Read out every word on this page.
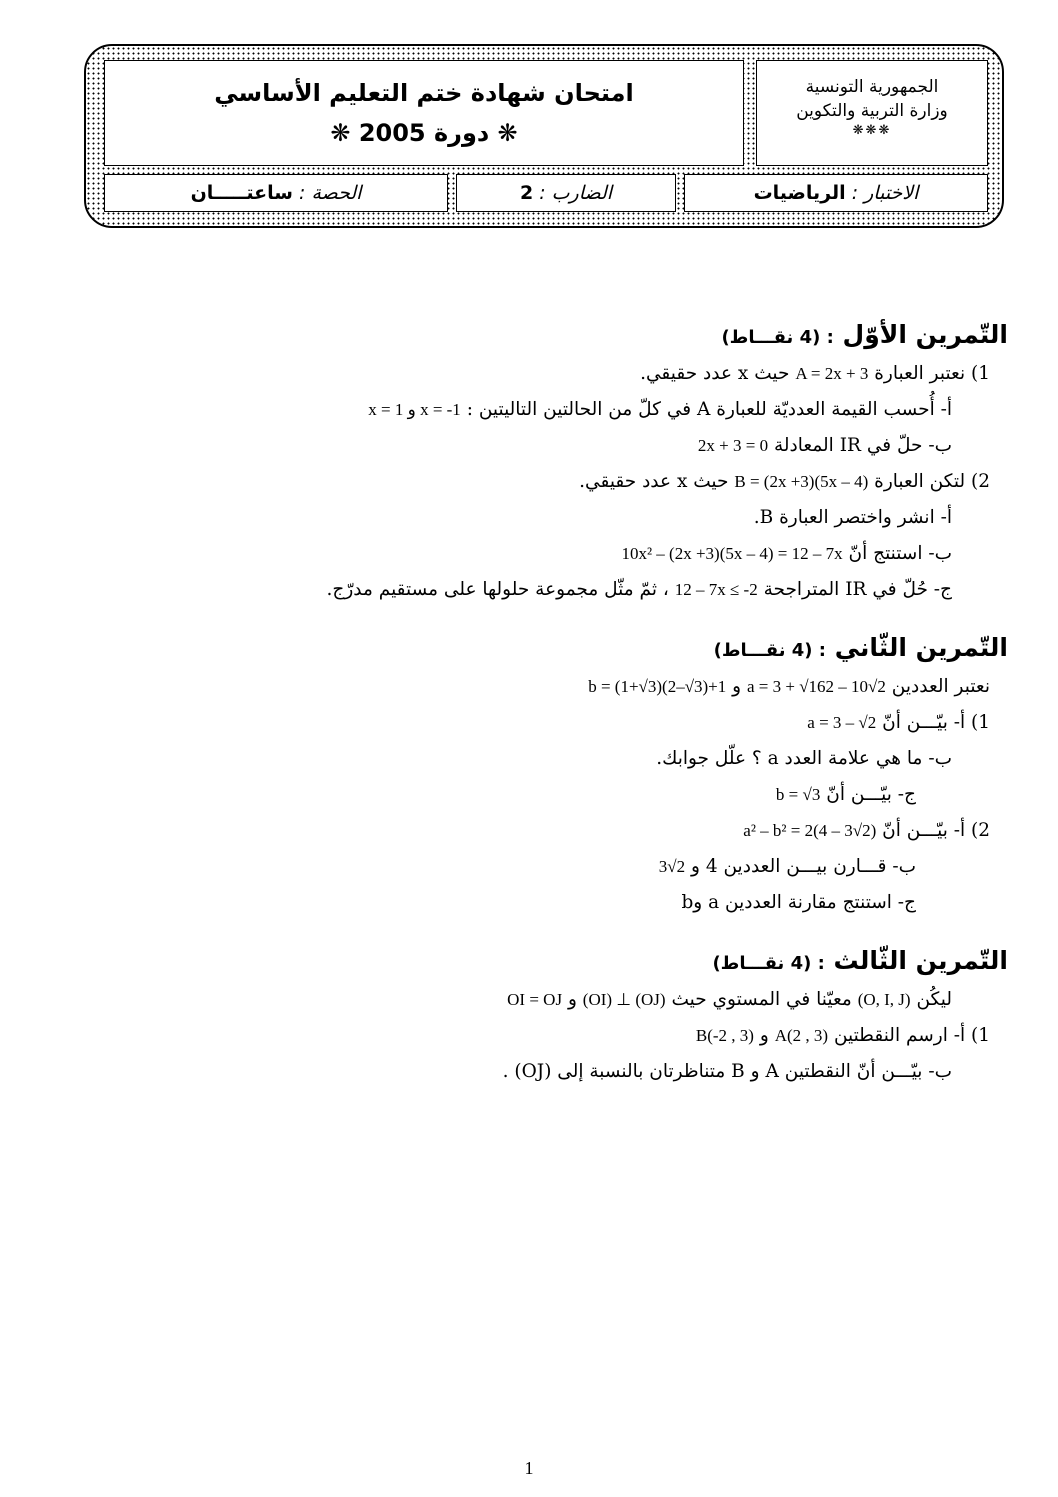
امتحان شهادة ختم التعليم الأساسي
❋ دورة 2005 ❋
الجمهورية التونسية
وزارة التربية والتكوين
❋❋❋
الاختبار : الرياضيات
الضارب : 2
الحصة : ساعتـــــان
التّمرين الأوّل : (4 نقـــاط)
1) نعتبر العبارة A = 2x + 3 حيث x عدد حقيقي.
أ- أُحسب القيمة العدديّة للعبارة A في كلّ من الحالتين التاليتين : x = 1 و x = -1
ب- حلّ في IR المعادلة 2x + 3 = 0
2) لتكن العبارة B = (2x +3)(5x – 4) حيث x عدد حقيقي.
أ- انشر واختصر العبارة B.
ب- استنتج أنّ 10x² – (2x +3)(5x – 4) = 12 – 7x
ج- حُلّ في IR المتراجحة 12 – 7x ≤ -2 ، ثمّ مثّل مجموعة حلولها على مستقيم مدرّج.
التّمرين الثّاني : (4 نقـــاط)
نعتبر العددين a = 3 + √162 – 10√2 و b = (1+√3)(2–√3)+1
1) أ- بيّـــن أنّ a = 3 – √2
ب- ما هي علامة العدد a ؟ علّل جوابك.
ج- بيّـــن أنّ b = √3
2) أ- بيّـــن أنّ a² – b² = 2(4 – 3√2)
ب- قـــارن بيـــن العددين 4 و 3√2
ج- استنتج مقارنة العددين a وb
التّمرين الثّالث : (4 نقـــاط)
ليكُن (O, I, J) معيّنا في المستوي حيث (OI) ⊥ (OJ) و OI = OJ
1) أ- ارسم النقطتين A(2 , 3) و B(-2 , 3)
ب- بيّـــن أنّ النقطتين A و B متناظرتان بالنسبة إلى (OJ) .
1
